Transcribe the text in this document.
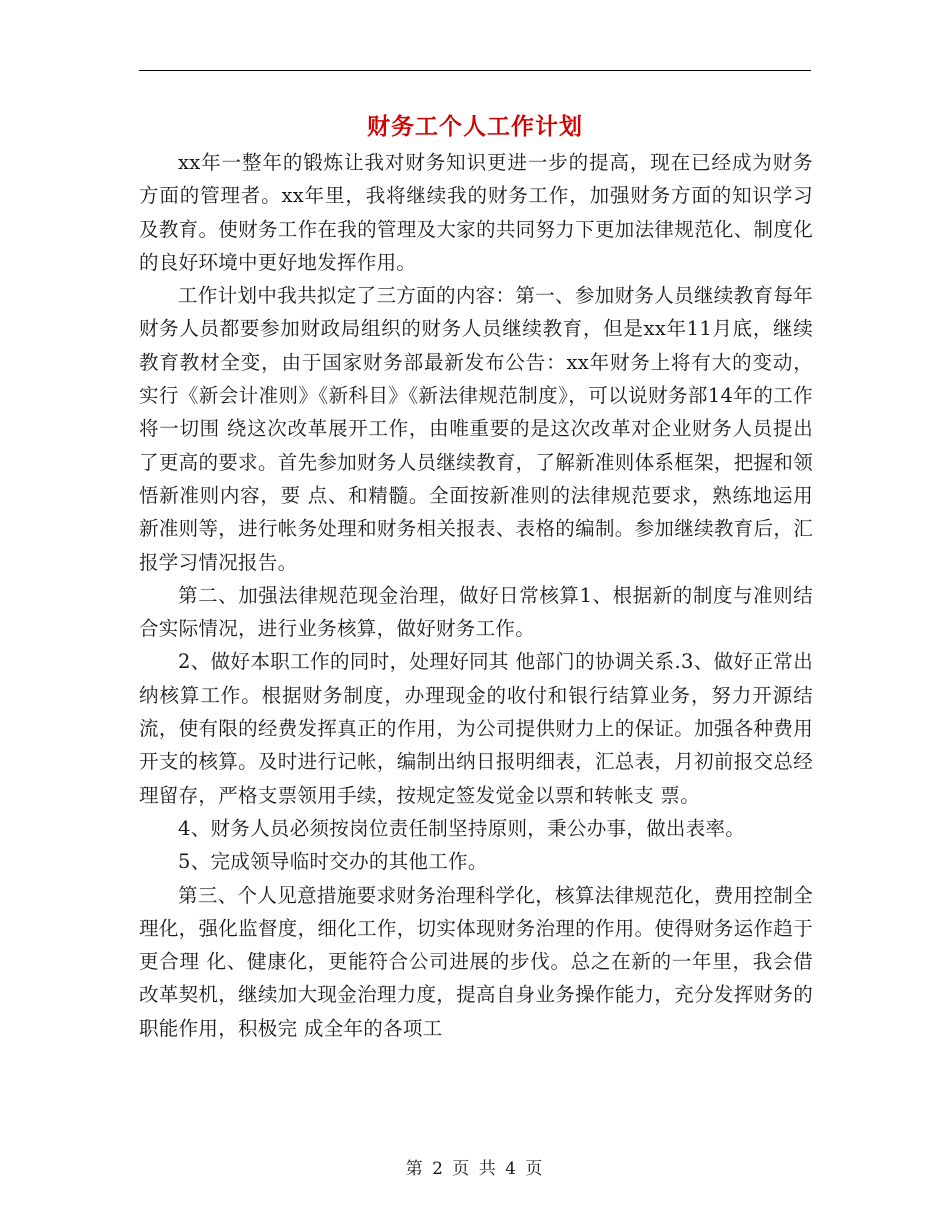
财务工个人工作计划

xx年一整年的锻炼让我对财务知识更进一步的提高，现在已经成为财务方面的管理者。xx年里，我将继续我的财务工作，加强财务方面的知识学习及教育。使财务工作在我的管理及大家的共同努力下更加法律规范化、制度化的良好环境中更好地发挥作用。

工作计划中我共拟定了三方面的内容：第一、参加财务人员继续教育每年财务人员都要参加财政局组织的财务人员继续教育，但是xx年11月底，继续 教育教材全变，由于国家财务部最新发布公告：xx年财务上将有大的变动，实行《新会计准则》《新科目》《新法律规范制度》，可以说财务部14年的工作将一切围 绕这次改革展开工作，由唯重要的是这次改革对企业财务人员提出了更高的要求。首先参加财务人员继续教育，了解新准则体系框架，把握和领悟新准则内容，要 点、和精髓。全面按新准则的法律规范要求，熟练地运用新准则等，进行帐务处理和财务相关报表、表格的编制。参加继续教育后，汇报学习情况报告。

第二、加强法律规范现金治理，做好日常核算1、根据新的制度与准则结合实际情况，进行业务核算，做好财务工作。

2、做好本职工作的同时，处理好同其 他部门的协调关系.3、做好正常出纳核算工作。根据财务制度，办理现金的收付和银行结算业务，努力开源结流，使有限的经费发挥真正的作用，为公司提供财力上的保证。加强各种费用开支的核算。及时进行记帐，编制出纳日报明细表，汇总表，月初前报交总经理留存，严格支票领用手续，按规定签发觉金以票和转帐支 票。

4、财务人员必须按岗位责任制坚持原则，秉公办事，做出表率。

5、完成领导临时交办的其他工作。

第三、个人见意措施要求财务治理科学化，核算法律规范化，费用控制全理化，强化监督度，细化工作，切实体现财务治理的作用。使得财务运作趋于更合理 化、健康化，更能符合公司进展的步伐。总之在新的一年里，我会借改革契机，继续加大现金治理力度，提高自身业务操作能力，充分发挥财务的职能作用，积极完 成全年的各项工

第 2 页 共 4 页
